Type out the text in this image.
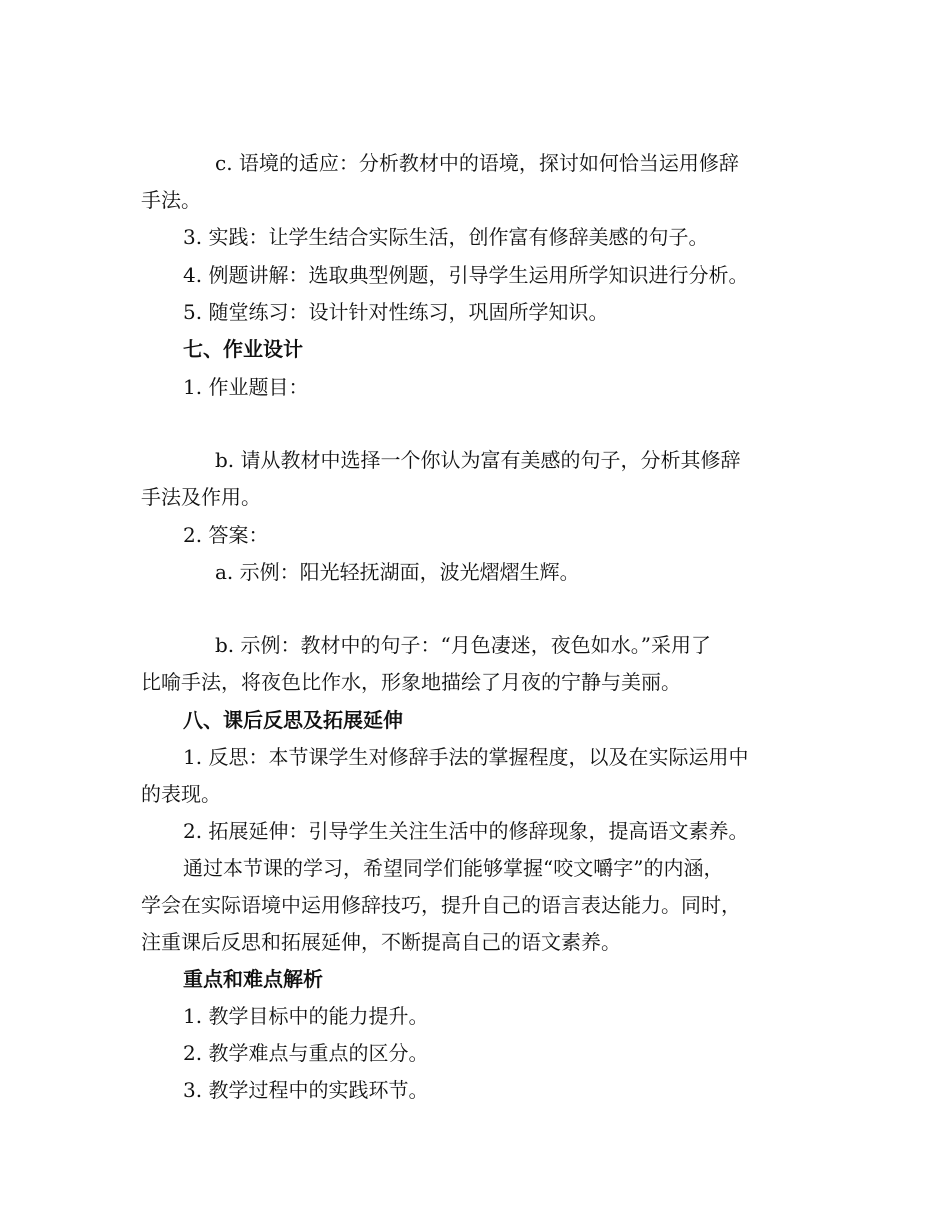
c. 语境的适应：分析教材中的语境，探讨如何恰当运用修辞
手法。
3. 实践：让学生结合实际生活，创作富有修辞美感的句子。
4. 例题讲解：选取典型例题，引导学生运用所学知识进行分析。
5. 随堂练习：设计针对性练习，巩固所学知识。
七、作业设计
1. 作业题目：
b. 请从教材中选择一个你认为富有美感的句子，分析其修辞
手法及作用。
2. 答案：
a. 示例：阳光轻抚湖面，波光熠熠生辉。
b. 示例：教材中的句子：“月色凄迷，夜色如水。”采用了
比喻手法，将夜色比作水，形象地描绘了月夜的宁静与美丽。
八、课后反思及拓展延伸
1. 反思：本节课学生对修辞手法的掌握程度，以及在实际运用中
的表现。
2. 拓展延伸：引导学生关注生活中的修辞现象，提高语文素养。
通过本节课的学习，希望同学们能够掌握“咬文嚼字”的内涵，
学会在实际语境中运用修辞技巧，提升自己的语言表达能力。同时，
注重课后反思和拓展延伸，不断提高自己的语文素养。
重点和难点解析
1. 教学目标中的能力提升。
2. 教学难点与重点的区分。
3. 教学过程中的实践环节。
